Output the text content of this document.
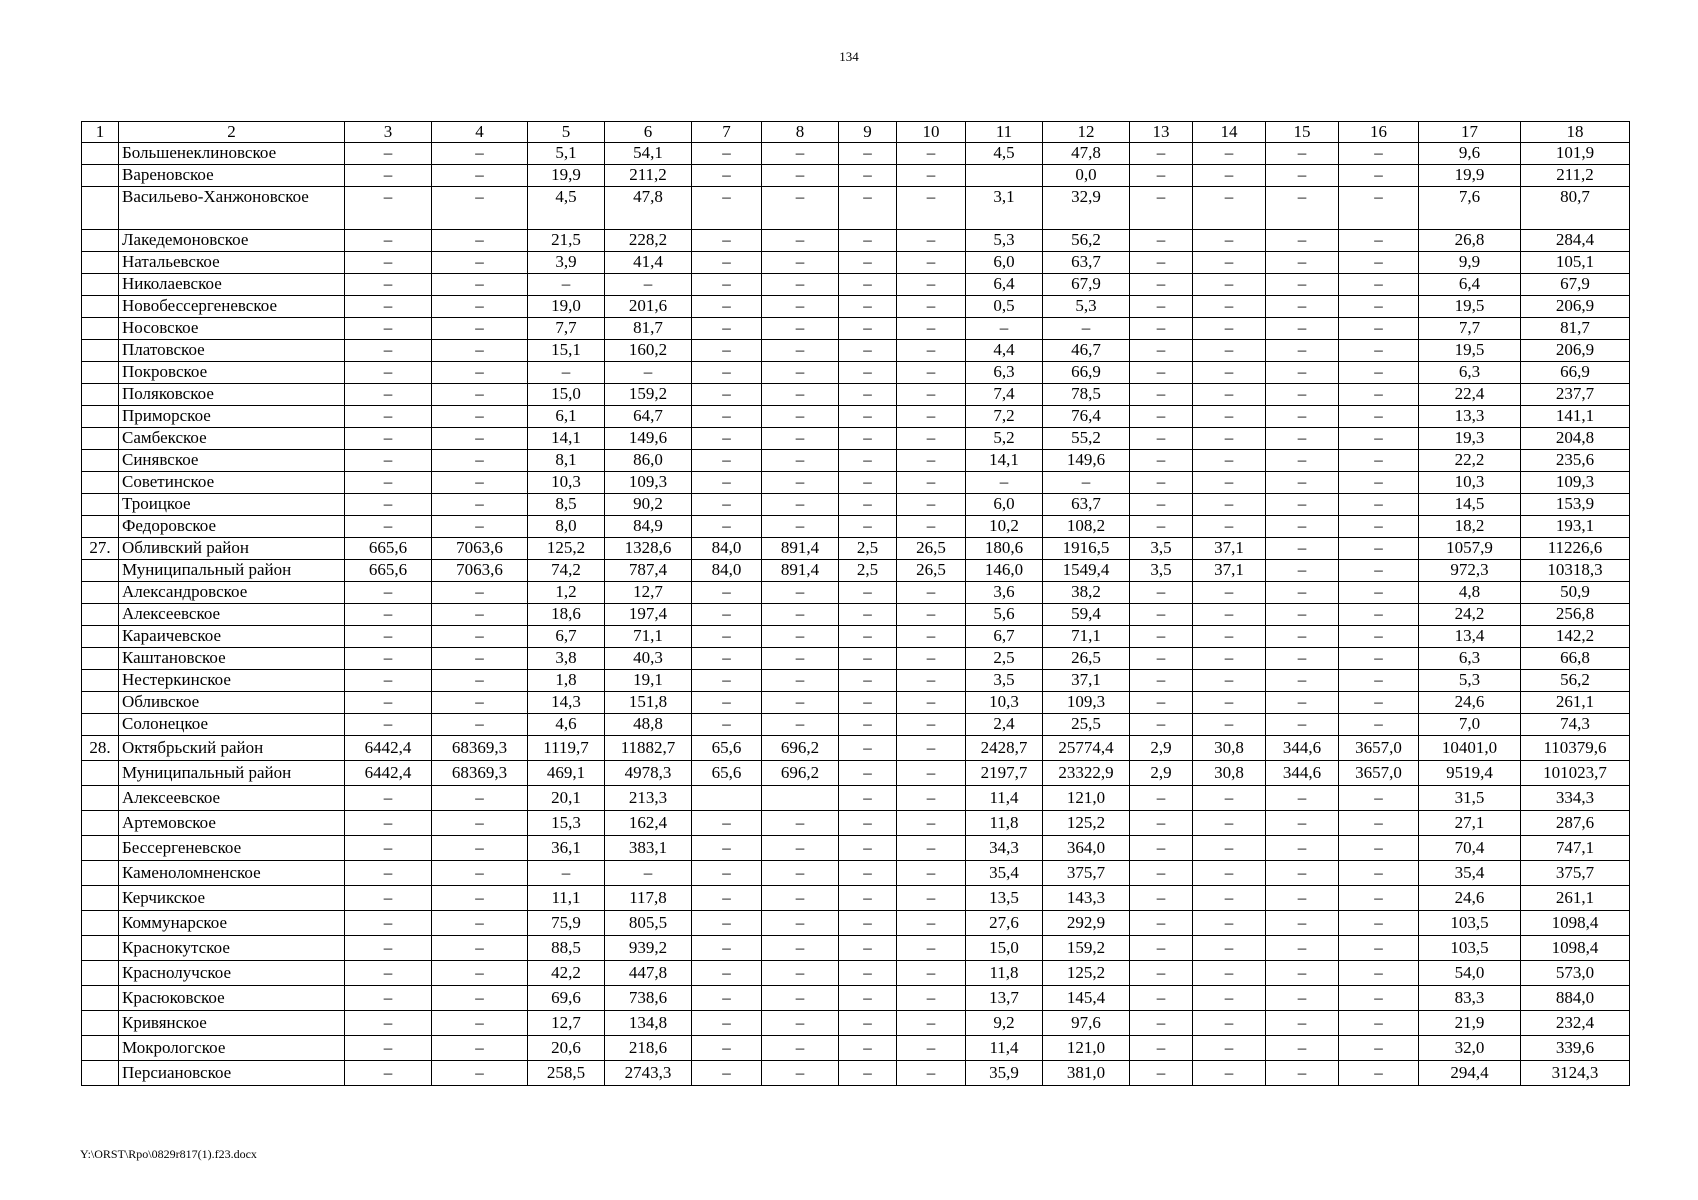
134
1	2	3	4	5	6	7	8	9	10	11	12	13	14	15	16	17	18
	Большенеклиновское	–	–	5,1	54,1	–	–	–	–	4,5	47,8	–	–	–	–	9,6	101,9
	Вареновское	–	–	19,9	211,2	–	–	–	–		0,0	–	–	–	–	19,9	211,2
	Васильево-Ханжоновское	–	–	4,5	47,8	–	–	–	–	3,1	32,9	–	–	–	–	7,6	80,7
	Лакедемоновское	–	–	21,5	228,2	–	–	–	–	5,3	56,2	–	–	–	–	26,8	284,4
	Натальевское	–	–	3,9	41,4	–	–	–	–	6,0	63,7	–	–	–	–	9,9	105,1
	Николаевское	–	–	–	–	–	–	–	–	6,4	67,9	–	–	–	–	6,4	67,9
	Новобессергеневское	–	–	19,0	201,6	–	–	–	–	0,5	5,3	–	–	–	–	19,5	206,9
	Носовское	–	–	7,7	81,7	–	–	–	–	–	–	–	–	–	–	7,7	81,7
	Платовское	–	–	15,1	160,2	–	–	–	–	4,4	46,7	–	–	–	–	19,5	206,9
	Покровское	–	–	–	–	–	–	–	–	6,3	66,9	–	–	–	–	6,3	66,9
	Поляковское	–	–	15,0	159,2	–	–	–	–	7,4	78,5	–	–	–	–	22,4	237,7
	Приморское	–	–	6,1	64,7	–	–	–	–	7,2	76,4	–	–	–	–	13,3	141,1
	Самбекское	–	–	14,1	149,6	–	–	–	–	5,2	55,2	–	–	–	–	19,3	204,8
	Синявское	–	–	8,1	86,0	–	–	–	–	14,1	149,6	–	–	–	–	22,2	235,6
	Советинское	–	–	10,3	109,3	–	–	–	–	–	–	–	–	–	–	10,3	109,3
	Троицкое	–	–	8,5	90,2	–	–	–	–	6,0	63,7	–	–	–	–	14,5	153,9
	Федоровское	–	–	8,0	84,9	–	–	–	–	10,2	108,2	–	–	–	–	18,2	193,1
27.	Обливский район	665,6	7063,6	125,2	1328,6	84,0	891,4	2,5	26,5	180,6	1916,5	3,5	37,1	–	–	1057,9	11226,6
	Муниципальный район	665,6	7063,6	74,2	787,4	84,0	891,4	2,5	26,5	146,0	1549,4	3,5	37,1	–	–	972,3	10318,3
	Александровское	–	–	1,2	12,7	–	–	–	–	3,6	38,2	–	–	–	–	4,8	50,9
	Алексеевское	–	–	18,6	197,4	–	–	–	–	5,6	59,4	–	–	–	–	24,2	256,8
	Караичевское	–	–	6,7	71,1	–	–	–	–	6,7	71,1	–	–	–	–	13,4	142,2
	Каштановское	–	–	3,8	40,3	–	–	–	–	2,5	26,5	–	–	–	–	6,3	66,8
	Нестеркинское	–	–	1,8	19,1	–	–	–	–	3,5	37,1	–	–	–	–	5,3	56,2
	Обливское	–	–	14,3	151,8	–	–	–	–	10,3	109,3	–	–	–	–	24,6	261,1
	Солонецкое	–	–	4,6	48,8	–	–	–	–	2,4	25,5	–	–	–	–	7,0	74,3
28.	Октябрьский район	6442,4	68369,3	1119,7	11882,7	65,6	696,2	–	–	2428,7	25774,4	2,9	30,8	344,6	3657,0	10401,0	110379,6
	Муниципальный район	6442,4	68369,3	469,1	4978,3	65,6	696,2	–	–	2197,7	23322,9	2,9	30,8	344,6	3657,0	9519,4	101023,7
	Алексеевское	–	–	20,1	213,3			–	–	11,4	121,0	–	–	–	–	31,5	334,3
	Артемовское	–	–	15,3	162,4	–	–	–	–	11,8	125,2	–	–	–	–	27,1	287,6
	Бессергеневское	–	–	36,1	383,1	–	–	–	–	34,3	364,0	–	–	–	–	70,4	747,1
	Каменоломненское	–	–	–	–	–	–	–	–	35,4	375,7	–	–	–	–	35,4	375,7
	Керчикское	–	–	11,1	117,8	–	–	–	–	13,5	143,3	–	–	–	–	24,6	261,1
	Коммунарское	–	–	75,9	805,5	–	–	–	–	27,6	292,9	–	–	–	–	103,5	1098,4
	Краснокутское	–	–	88,5	939,2	–	–	–	–	15,0	159,2	–	–	–	–	103,5	1098,4
	Краснолучское	–	–	42,2	447,8	–	–	–	–	11,8	125,2	–	–	–	–	54,0	573,0
	Красюковское	–	–	69,6	738,6	–	–	–	–	13,7	145,4	–	–	–	–	83,3	884,0
	Кривянское	–	–	12,7	134,8	–	–	–	–	9,2	97,6	–	–	–	–	21,9	232,4
	Мокрологское	–	–	20,6	218,6	–	–	–	–	11,4	121,0	–	–	–	–	32,0	339,6
	Персиановское	–	–	258,5	2743,3	–	–	–	–	35,9	381,0	–	–	–	–	294,4	3124,3
Y:\ORST\Rpo\0829r817(1).f23.docx
